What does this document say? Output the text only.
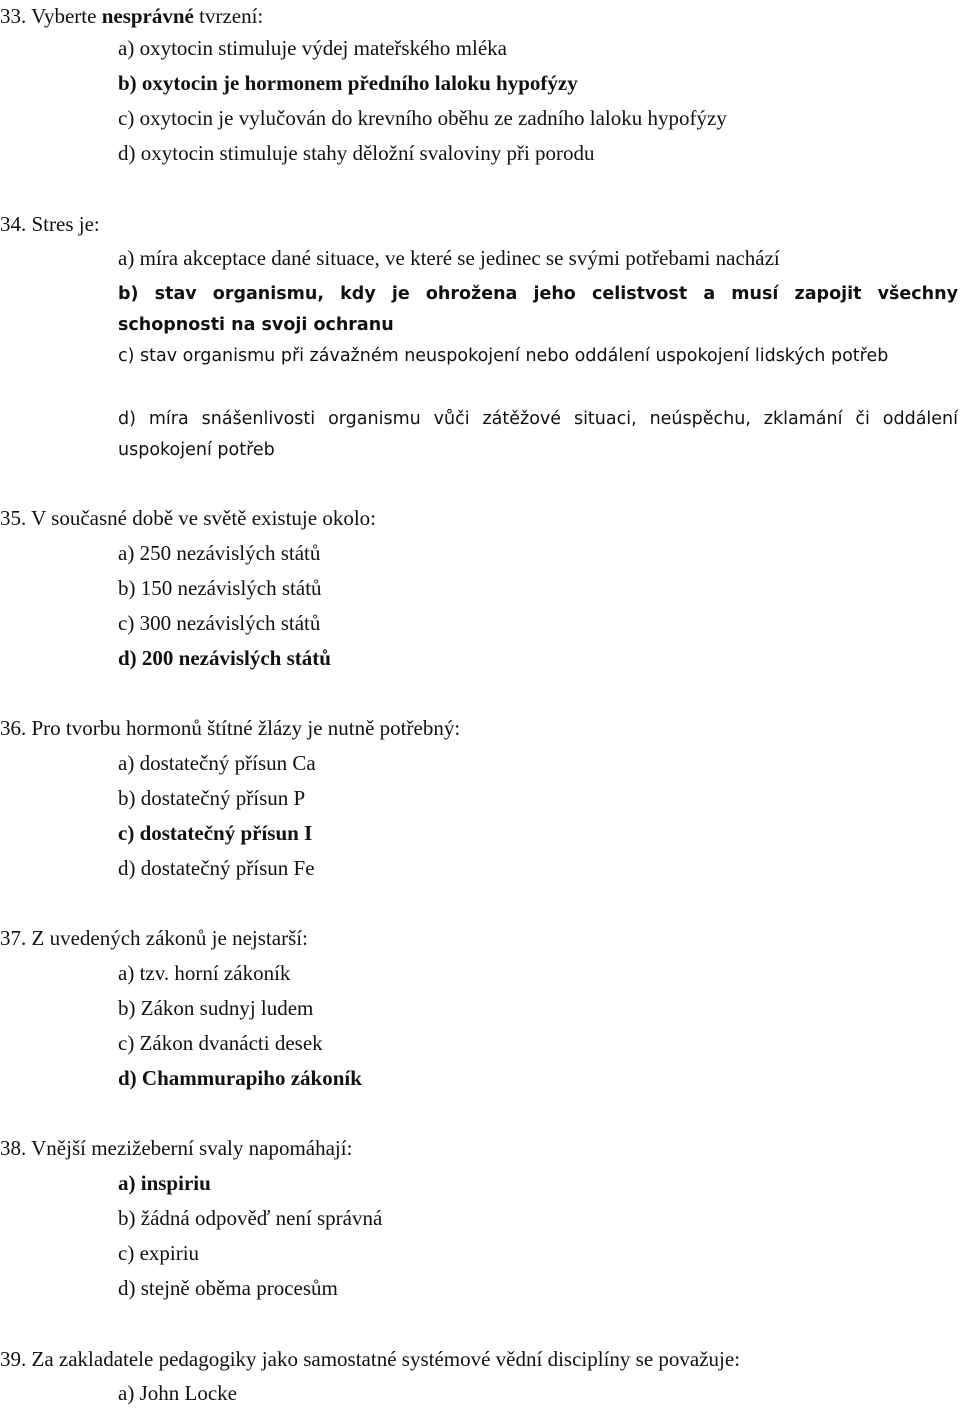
33. Vyberte nesprávné tvrzení:
a) oxytocin stimuluje výdej mateřského mléka
b) oxytocin je hormonem předního laloku hypofýzy
c) oxytocin je vylučován do krevního oběhu ze zadního laloku hypofýzy
d) oxytocin stimuluje stahy děložní svaloviny při porodu
34. Stres je:
a) míra akceptace dané situace, ve které se jedinec se svými potřebami nachází
b) stav organismu, kdy je ohrožena jeho celistvost a musí zapojit všechny schopnosti na svoji ochranu
c) stav organismu při závažném neuspokojení nebo oddálení uspokojení lidských potřeb
d) míra snášenlivosti organismu vůči zátěžové situaci, neúspěchu, zklamání či oddálení uspokojení potřeb
35. V současné době ve světě existuje okolo:
a) 250 nezávislých států
b) 150 nezávislých států
c) 300 nezávislých států
d) 200 nezávislých států
36. Pro tvorbu hormonů štítné žlázy je nutně potřebný:
a) dostatečný přísun Ca
b) dostatečný přísun P
c) dostatečný přísun I
d) dostatečný přísun Fe
37. Z uvedených zákonů je nejstarší:
a) tzv. horní zákoník
b) Zákon sudnyj ludem
c) Zákon dvanácti desek
d) Chammurapiho zákoník
38. Vnější mezižeberní svaly napomáhají:
a) inspiriu
b) žádná odpověď není správná
c) expiriu
d) stejně oběma procesům
39. Za zakladatele pedagogiky jako samostatné systémové vědní disciplíny se považuje:
a) John Locke
